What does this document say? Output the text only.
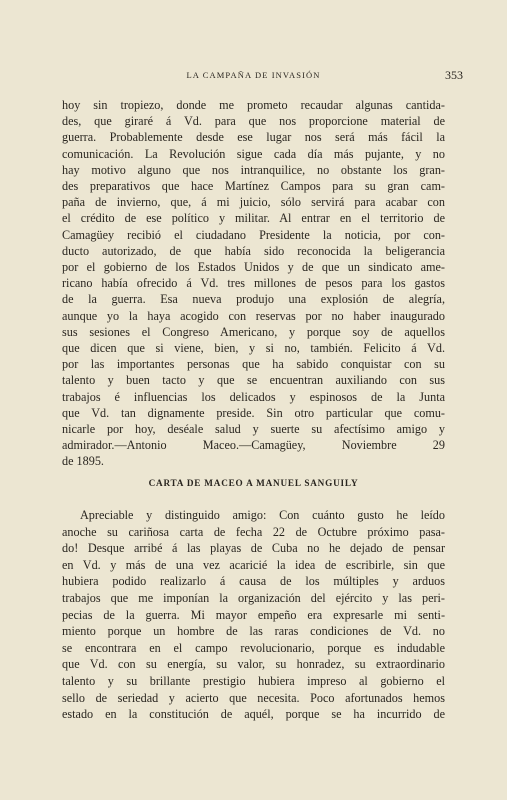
LA CAMPAÑA DE INVASIÓN	353
hoy sin tropiezo, donde me prometo recaudar algunas cantida-
des, que giraré á Vd. para que nos proporcione material de
guerra. Probablemente desde ese lugar nos será más fácil la
comunicación. La Revolución sigue cada día más pujante, y no
hay motivo alguno que nos intranquilice, no obstante los gran-
des preparativos que hace Martínez Campos para su gran cam-
paña de invierno, que, á mi juicio, sólo servirá para acabar con
el crédito de ese político y militar. Al entrar en el territorio de
Camagüey recibió el ciudadano Presidente la noticia, por con-
ducto autorizado, de que había sido reconocida la beligerancia
por el gobierno de los Estados Unidos y de que un sindicato ame-
ricano había ofrecido á Vd. tres millones de pesos para los gastos
de la guerra. Esa nueva produjo una explosión de alegría,
aunque yo la haya acogido con reservas por no haber inaugurado
sus sesiones el Congreso Americano, y porque soy de aquellos
que dicen que si viene, bien, y si no, también. Felicito á Vd.
por las importantes personas que ha sabido conquistar con su
talento y buen tacto y que se encuentran auxiliando con sus
trabajos é influencias los delicados y espinosos de la Junta
que Vd. tan dignamente preside. Sin otro particular que comu-
nicarle por hoy, deséale salud y suerte su afectísimo amigo y
admirador.—Antonio Maceo.—Camagüey, Noviembre 29
de 1895.
CARTA DE MACEO A MANUEL SANGUILY
Apreciable y distinguido amigo: Con cuánto gusto he leído
anoche su cariñosa carta de fecha 22 de Octubre próximo pasa-
do! Desque arribé á las playas de Cuba no he dejado de pensar
en Vd. y más de una vez acaricié la idea de escribirle, sin que
hubiera podido realizarlo á causa de los múltiples y arduos
trabajos que me imponían la organización del ejército y las peri-
pecias de la guerra. Mi mayor empeño era expresarle mi senti-
miento porque un hombre de las raras condiciones de Vd. no
se encontrara en el campo revolucionario, porque es indudable
que Vd. con su energía, su valor, su honradez, su extraordinario
talento y su brillante prestigio hubiera impreso al gobierno el
sello de seriedad y acierto que necesita. Poco afortunados hemos
estado en la constitución de aquél, porque se ha incurrido de
